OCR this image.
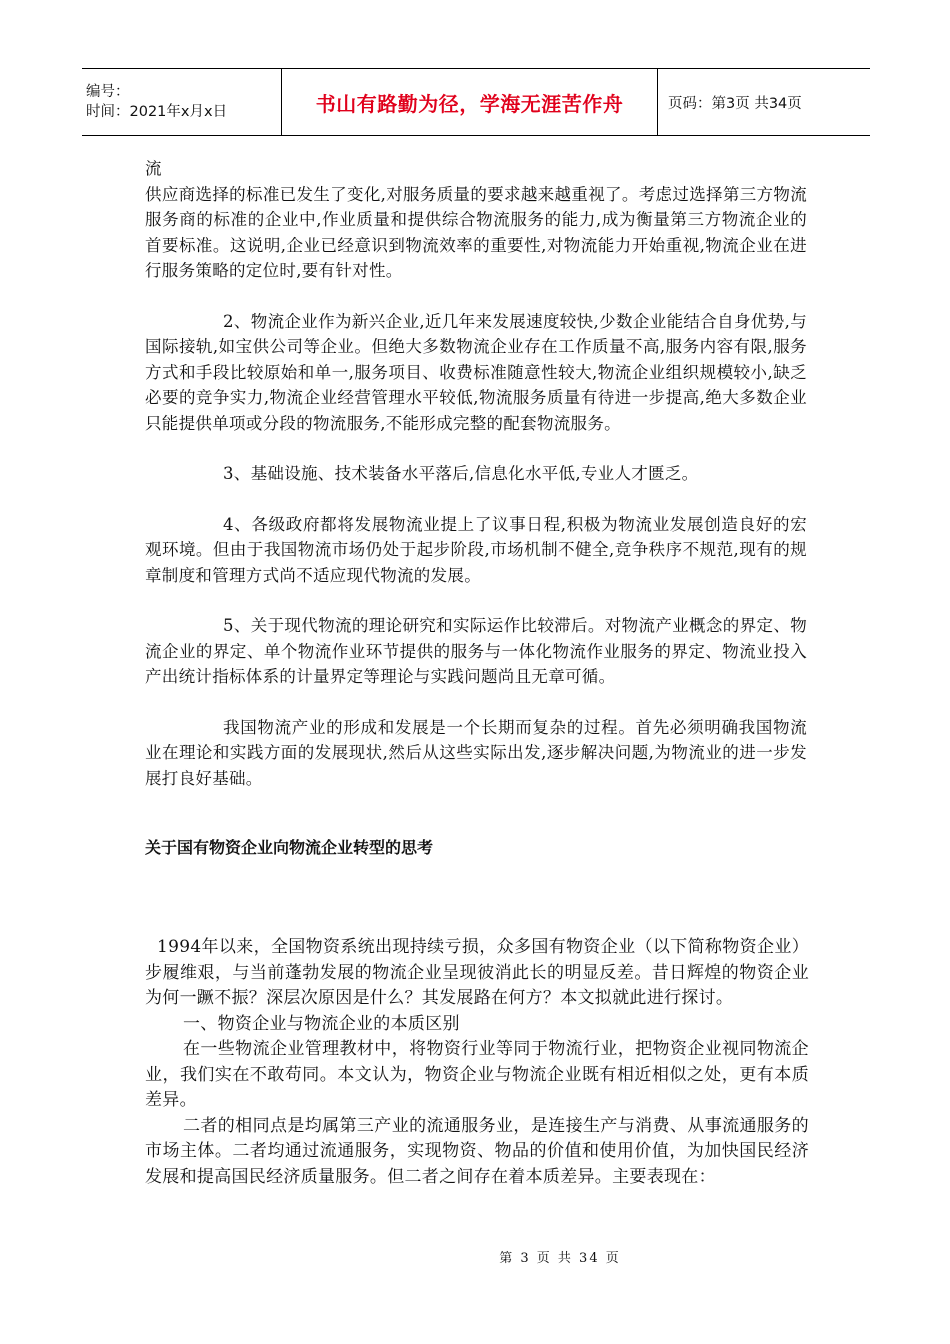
编号：
时间：2021年x月x日	书山有路勤为径，学海无涯苦作舟	页码：第3页 共34页

流

供应商选择的标准已发生了变化,对服务质量的要求越来越重视了。考虑过选择第三方物流服务商的标准的企业中,作业质量和提供综合物流服务的能力,成为衡量第三方物流企业的首要标准。这说明,企业已经意识到物流效率的重要性,对物流能力开始重视,物流企业在进行服务策略的定位时,要有针对性。

2、物流企业作为新兴企业,近几年来发展速度较快,少数企业能结合自身优势,与国际接轨,如宝供公司等企业。但绝大多数物流企业存在工作质量不高,服务内容有限,服务方式和手段比较原始和单一,服务项目、收费标准随意性较大,物流企业组织规模较小,缺乏必要的竞争实力,物流企业经营管理水平较低,物流服务质量有待进一步提高,绝大多数企业只能提供单项或分段的物流服务,不能形成完整的配套物流服务。

3、基础设施、技术装备水平落后,信息化水平低,专业人才匮乏。

4、各级政府都将发展物流业提上了议事日程,积极为物流业发展创造良好的宏观环境。但由于我国物流市场仍处于起步阶段,市场机制不健全,竞争秩序不规范,现有的规章制度和管理方式尚不适应现代物流的发展。

5、关于现代物流的理论研究和实际运作比较滞后。对物流产业概念的界定、物流企业的界定、单个物流作业环节提供的服务与一体化物流作业服务的界定、物流业投入产出统计指标体系的计量界定等理论与实践问题尚且无章可循。

我国物流产业的形成和发展是一个长期而复杂的过程。首先必须明确我国物流业在理论和实践方面的发展现状,然后从这些实际出发,逐步解决问题,为物流业的进一步发展打良好基础。

关于国有物资企业向物流企业转型的思考

1994年以来，全国物资系统出现持续亏损，众多国有物资企业（以下简称物资企业）步履维艰，与当前蓬勃发展的物流企业呈现彼消此长的明显反差。昔日辉煌的物资企业为何一蹶不振？深层次原因是什么？其发展路在何方？本文拟就此进行探讨。

一、物资企业与物流企业的本质区别

在一些物流企业管理教材中，将物资行业等同于物流行业，把物资企业视同物流企业，我们实在不敢苟同。本文认为，物资企业与物流企业既有相近相似之处，更有本质差异。

二者的相同点是均属第三产业的流通服务业，是连接生产与消费、从事流通服务的市场主体。二者均通过流通服务，实现物资、物品的价值和使用价值，为加快国民经济发展和提高国民经济质量服务。但二者之间存在着本质差异。主要表现在：

第 3 页 共 34 页
